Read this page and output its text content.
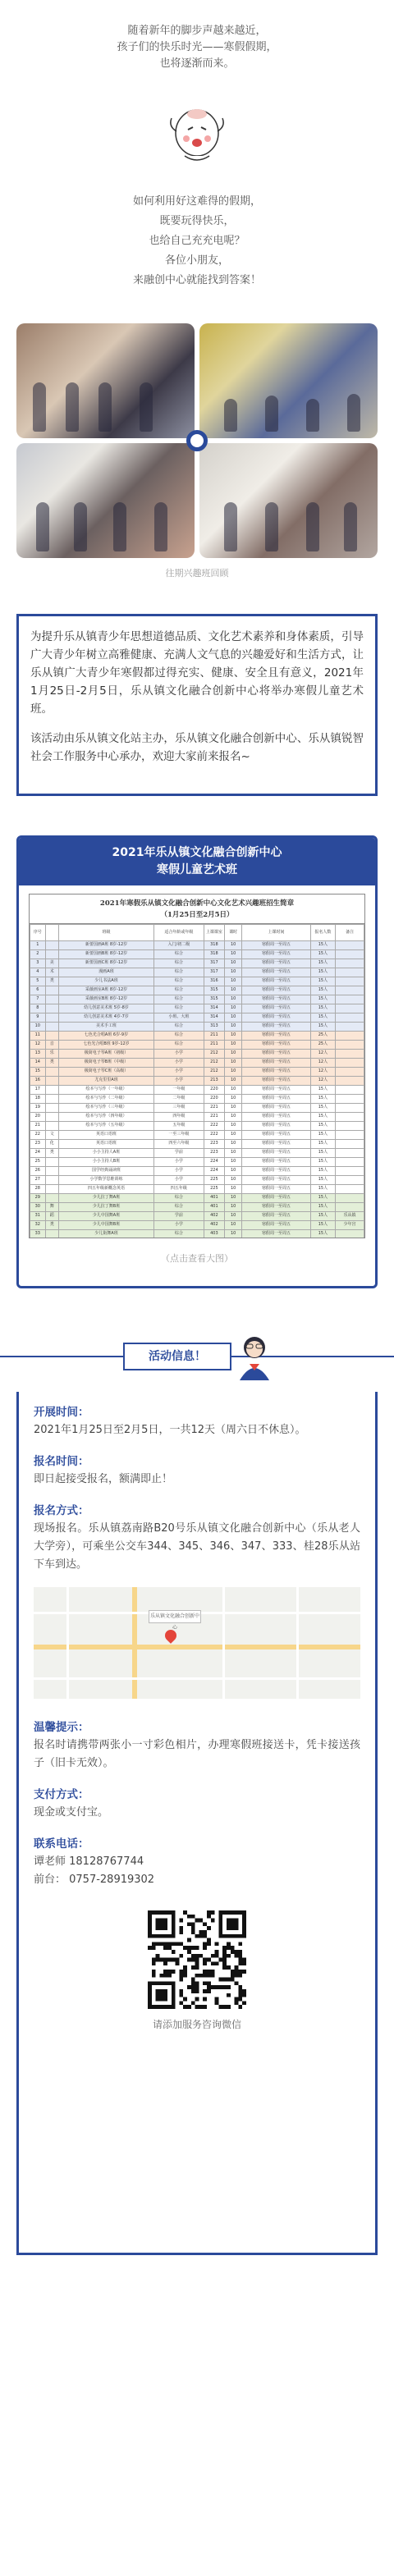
随着新年的脚步声越来越近，

孩子们的快乐时光——寒假假期，

也将逐渐而来。

如何利用好这难得的假期，

既要玩得快乐，

也给自己充充电呢？

各位小朋友，

来融创中心就能找到答案！

往期兴趣班回顾

为提升乐从镇青少年思想道德品质、文化艺术素养和身体素质，引导广大青少年树立高雅健康、充满人文气息的兴趣爱好和生活方式，让乐从镇广大青少年寒假都过得充实、健康、安全且有意义，2021年1月25日-2月5日，乐从镇文化融合创新中心将举办寒假儿童艺术班。

该活动由乐从镇文化站主办，乐从镇文化融合创新中心、乐从镇锐智社会工作服务中心承办，欢迎大家前来报名~

2021年乐从镇文化融合创新中心
寒假儿童艺术班
2021年寒假乐从镇文化融合创新中心文化艺术兴趣班招生简章
（1月25日至2月5日）
序号		班级	适合年龄或年级	上课课室	课时	上课时间	报名人数	备注
1		新蕾国画A班 8岁-12岁	入门/初二级	318	10	寒假周一至周五	15人	
2		新蕾国画B班 8岁-12岁	综合	318	10	寒假周一至周五	15人	
3	美	新蕾国画C班 8岁-12岁	综合	317	10	寒假周一至周五	15人	
4	术	漫画A班	综合	317	10	寒假周一至周五	15人	
5	类	少儿书法A班	综合	316	10	寒假周一至周五	15人	
6		采薇画室A班 8岁-12岁	综合	315	10	寒假周一至周五	15人	
7		采薇画室B班 8岁-12岁	综合	315	10	寒假周一至周五	15人	
8		幼儿创意美术班 5岁-8岁	综合	314	10	寒假周一至周五	15人	
9		幼儿创意美术班 4岁-7岁	小班、大班	314	10	寒假周一至周五	15人	
10		美术手工班	综合	313	10	寒假周一至周五	15人	
11		七色光合唱A班 6岁-9岁	综合	211	10	寒假周一至周五	25人	
12	音	七色光合唱B班 9岁-12岁	综合	211	10	寒假周一至周五	25人	
13	乐	极简电子琴A班（初级）	小学	212	10	寒假周一至周五	12人	
14	类	极简电子琴B班（中级）	小学	212	10	寒假周一至周五	12人	
15		极简电子琴C班（高级）	小学	212	10	寒假周一至周五	12人	
16		尤克里里A班	小学	213	10	寒假周一至周五	12人	
17		绘本与写作（一年级）	一年级	220	10	寒假周一至周五	15人	
18		绘本与写作（二年级）	二年级	220	10	寒假周一至周五	15人	
19		绘本与写作（三年级）	三年级	221	10	寒假周一至周五	15人	
20		绘本与写作（四年级）	四年级	221	10	寒假周一至周五	15人	
21		绘本与写作（五年级）	五年级	222	10	寒假周一至周五	15人	
22	文	英语口语班	一至三年级	222	10	寒假周一至周五	15人	
23	化	英语口语班	四至六年级	223	10	寒假周一至周五	15人	
24	类	小小主持人A班	学前	223	10	寒假周一至周五	15人	
25		小小主持人B班	小学	224	10	寒假周一至周五	15人	
26		国学经典诵读班	小学	224	10	寒假周一至周五	15人	
27		小学数学思维训练	小学	225	10	寒假周一至周五	15人	
28		四五年级新概念英语	四五年级	225	10	寒假周一至周五	15人	
29		少儿拉丁舞A班	综合	401	10	寒假周一至周五	15人	
30	舞	少儿拉丁舞B班	综合	401	10	寒假周一至周五	15人	
31	蹈	少儿中国舞A班	学前	402	10	寒假周一至周五	15人	乐从镇
32	类	少儿中国舞B班	小学	402	10	寒假周一至周五	15人	少年宫
33		少儿街舞A班	综合	403	10	寒假周一至周五	15人	

（点击查看大图）
活动信息！
开展时间：
2021年1月25日至2月5日，一共12天（周六日不休息）。
报名时间：
即日起接受报名，额满即止！
报名方式：
现场报名。乐从镇荔南路B20号乐从镇文化融合创新中心（乐从老人大学旁），可乘坐公交车344、345、346、347、333、桂28乐从站下车到达。
乐从镇文化融合创新中心
温馨提示：
报名时请携带两张小一寸彩色相片，办理寒假班接送卡，凭卡接送孩子（旧卡无效）。
支付方式：
现金或支付宝。
联系电话：
谭老师 18128767744
前台： 0757-28919302
请添加服务咨询微信
